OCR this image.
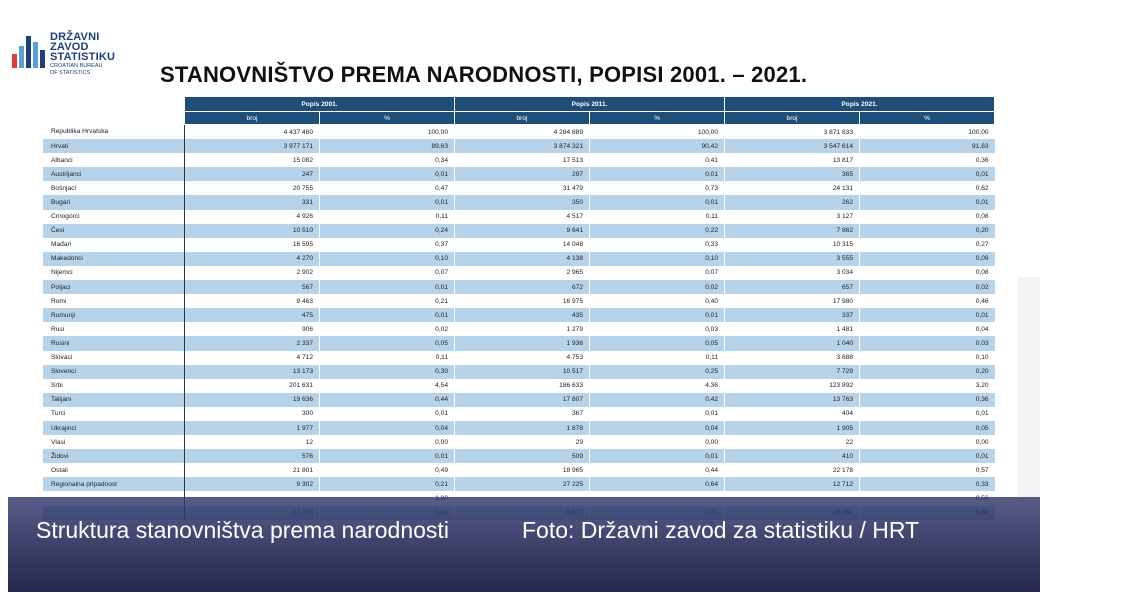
DRŽAVNI
ZAVOD
STATISTIKU
CROATIAN BUREAU
OF STATISTICS	STANOVNIŠTVO PREMA NARODNOSTI, POPISI 2001. – 2021.
	Popis 2001.		Popis 2011.		Popis 2021.	
	broj	%	broj	%	broj	%
Republika Hrvatska	4 437 460	100,00	4 284 889	100,00	3 871 833	100,00
Hrvati	3 977 171	89,63	3 874 321	90,42	3 547 614	91,63
Albanci	15 082	0,34	17 513	0,41	13 817	0,36
Austrijanci	247	0,01	297	0,01	365	0,01
Bošnjaci	20 755	0,47	31 479	0,73	24 131	0,62
Bugari	331	0,01	350	0,01	262	0,01
Crnogorci	4 926	0,11	4 517	0,11	3 127	0,08
Česi	10 510	0,24	9 641	0,22	7 862	0,20
Mađari	16 595	0,37	14 048	0,33	10 315	0,27
Makedonci	4 270	0,10	4 138	0,10	3 555	0,09
Nijemci	2 902	0,07	2 965	0,07	3 034	0,08
Poljaci	567	0,01	672	0,02	657	0,02
Romi	9 463	0,21	16 975	0,40	17 980	0,46
Rumunji	475	0,01	435	0,01	337	0,01
Rusi	906	0,02	1 279	0,03	1 481	0,04
Rusini	2 337	0,05	1 936	0,05	1 040	0,03
Slovaci	4 712	0,11	4 753	0,11	3 688	0,10
Slovenci	13 173	0,30	10 517	0,25	7 729	0,20
Srbi	201 631	4,54	186 633	4,36	123 892	3,20
Talijani	19 636	0,44	17 807	0,42	13 763	0,36
Turci	300	0,01	367	0,01	404	0,01
Ukrajinci	1 977	0,04	1 878	0,04	1 905	0,05
Vlasi	12	0,00	29	0,00	22	0,00
Židovi	576	0,01	509	0,01	410	0,01
Ostali	21 801	0,49	18 965	0,44	22 178	0,57
Regionalna pripadnost	9 302	0,21	27 225	0,64	12 712	0,33

Struktura stanovništva prema narodnosti	Foto: Državni zavod za statistiku / HRT
